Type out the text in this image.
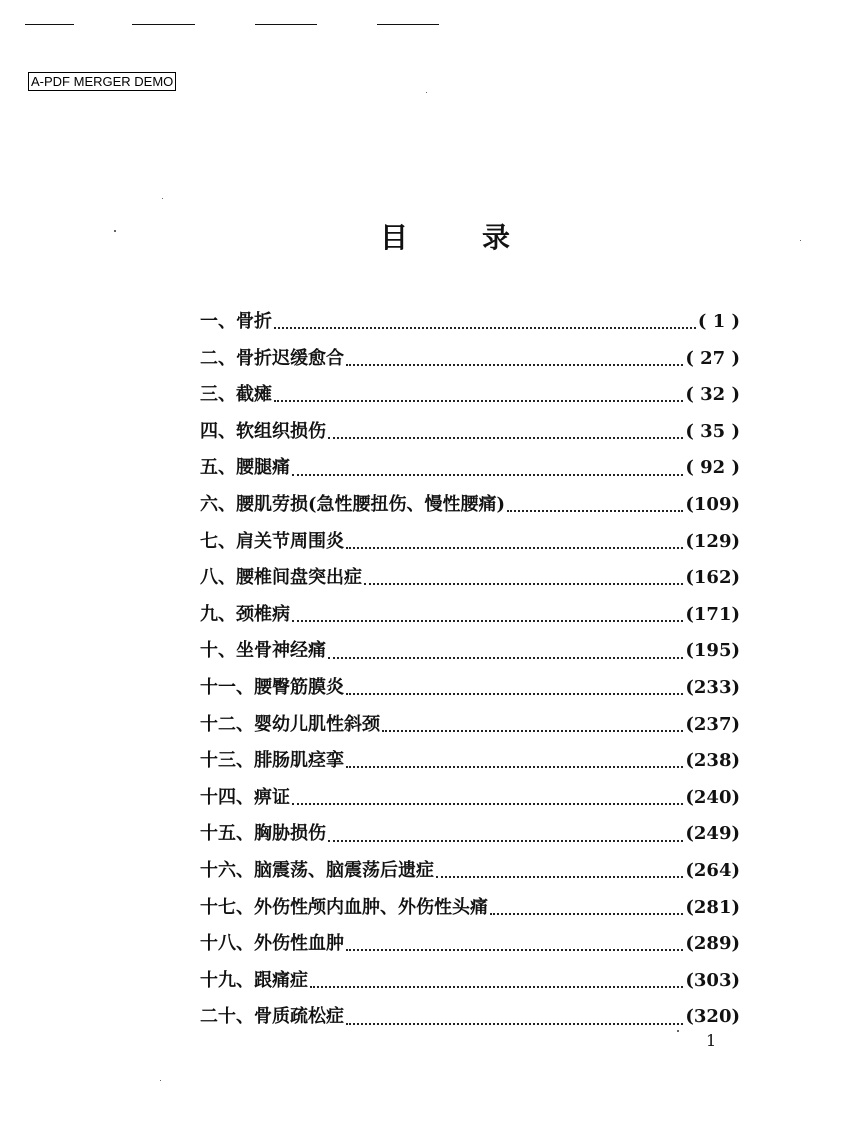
A-PDF MERGER DEMO
目	录
一、骨折	( 1 )
二、骨折迟缓愈合	( 27 )
三、截瘫	( 32 )
四、软组织损伤	( 35 )
五、腰腿痛	( 92 )
六、腰肌劳损(急性腰扭伤、慢性腰痛)	(109)
七、肩关节周围炎	(129)
八、腰椎间盘突出症	(162)
九、颈椎病	(171)
十、坐骨神经痛	(195)
十一、腰臀筋膜炎	(233)
十二、婴幼儿肌性斜颈	(237)
十三、腓肠肌痉挛	(238)
十四、痹证	(240)
十五、胸胁损伤	(249)
十六、脑震荡、脑震荡后遗症	(264)
十七、外伤性颅内血肿、外伤性头痛	(281)
十八、外伤性血肿	(289)
十九、跟痛症	(303)
二十、骨质疏松症	(320)
1
